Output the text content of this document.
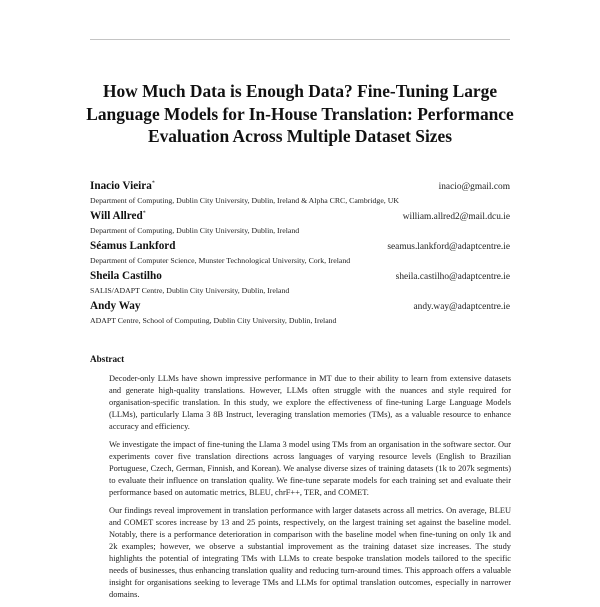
How Much Data is Enough Data? Fine-Tuning Large Language Models for In-House Translation: Performance Evaluation Across Multiple Dataset Sizes
Inacio Vieira*	inacio@gmail.com
Department of Computing, Dublin City University, Dublin, Ireland & Alpha CRC, Cambridge, UK
Will Allred*	william.allred2@mail.dcu.ie
Department of Computing, Dublin City University, Dublin, Ireland
Séamus Lankford	seamus.lankford@adaptcentre.ie
Department of Computer Science, Munster Technological University, Cork, Ireland
Sheila Castilho	sheila.castilho@adaptcentre.ie
SALIS/ADAPT Centre, Dublin City University, Dublin, Ireland
Andy Way	andy.way@adaptcentre.ie
ADAPT Centre, School of Computing, Dublin City University, Dublin, Ireland
Abstract

Decoder-only LLMs have shown impressive performance in MT due to their ability to learn from extensive datasets and generate high-quality translations. However, LLMs often struggle with the nuances and style required for organisation-specific translation. In this study, we explore the effectiveness of fine-tuning Large Language Models (LLMs), particularly Llama 3 8B Instruct, leveraging translation memories (TMs), as a valuable resource to enhance accuracy and efficiency.

We investigate the impact of fine-tuning the Llama 3 model using TMs from an organisation in the software sector. Our experiments cover five translation directions across languages of varying resource levels (English to Brazilian Portuguese, Czech, German, Finnish, and Korean). We analyse diverse sizes of training datasets (1k to 207k segments) to evaluate their influence on translation quality. We fine-tune separate models for each training set and evaluate their performance based on automatic metrics, BLEU, chrF++, TER, and COMET.

Our findings reveal improvement in translation performance with larger datasets across all metrics. On average, BLEU and COMET scores increase by 13 and 25 points, respectively, on the largest training set against the baseline model. Notably, there is a performance deterioration in comparison with the baseline model when fine-tuning on only 1k and 2k examples; however, we observe a substantial improvement as the training dataset size increases. The study highlights the potential of integrating TMs with LLMs to create bespoke translation models tailored to the specific needs of businesses, thus enhancing translation quality and reducing turn-around times. This approach offers a valuable insight for organisations seeking to leverage TMs and LLMs for optimal translation outcomes, especially in narrower domains.
